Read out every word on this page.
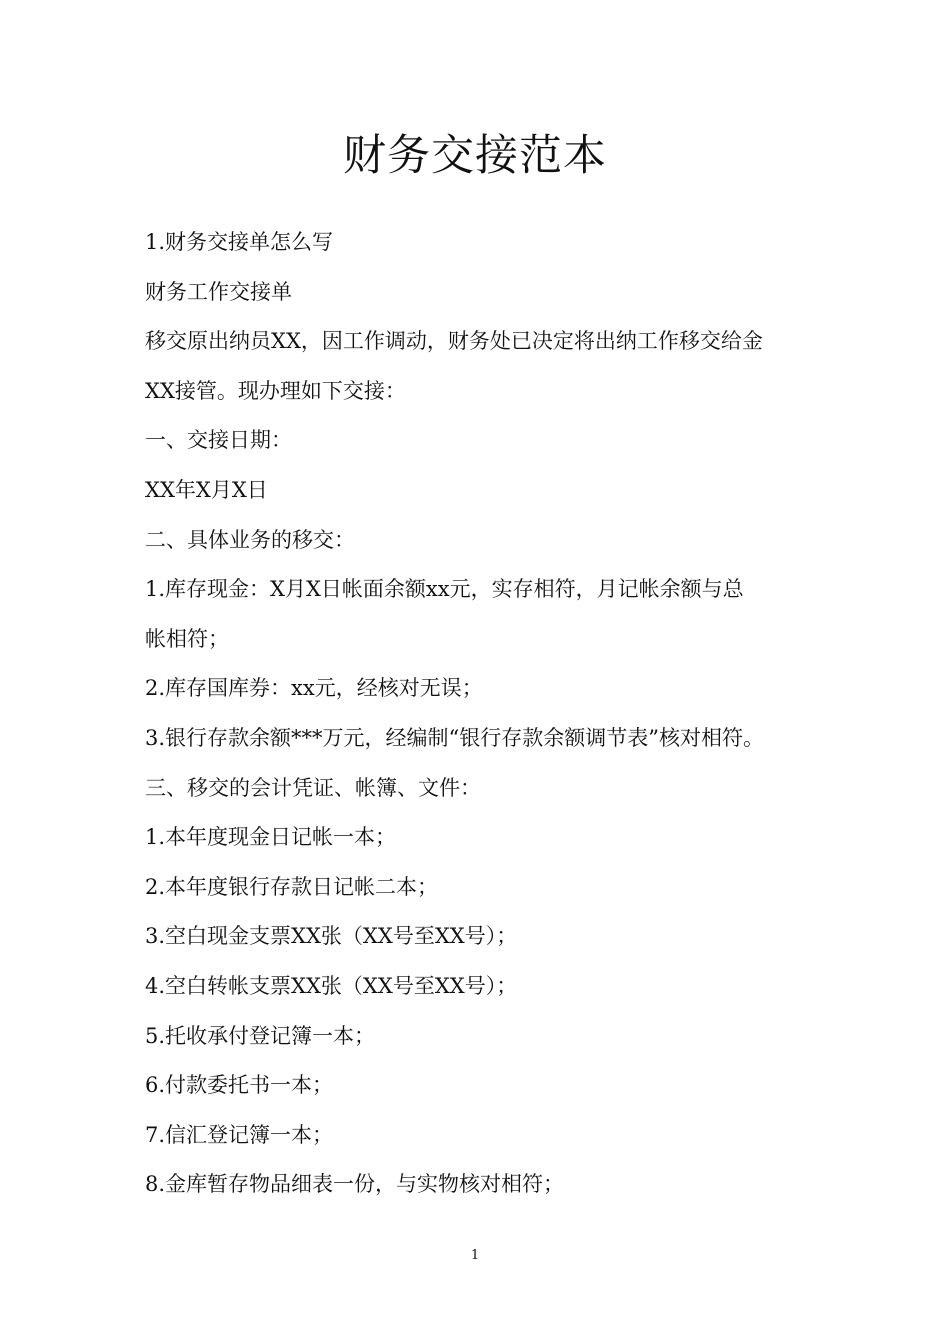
财务交接范本

1.财务交接单怎么写

财务工作交接单

移交原出纳员XX，因工作调动，财务处已决定将出纳工作移交给金

XX接管。现办理如下交接：

一、交接日期：

XX年X月X日

二、具体业务的移交：

1.库存现金：X月X日帐面余额xx元，实存相符，月记帐余额与总

帐相符；

2.库存国库券：xx元，经核对无误；

3.银行存款余额***万元，经编制“银行存款余额调节表”核对相符。

三、移交的会计凭证、帐簿、文件：

1.本年度现金日记帐一本；

2.本年度银行存款日记帐二本；

3.空白现金支票XX张（XX号至XX号）；

4.空白转帐支票XX张（XX号至XX号）；

5.托收承付登记簿一本；

6.付款委托书一本；

7.信汇登记簿一本；

8.金库暂存物品细表一份，与实物核对相符；

1
